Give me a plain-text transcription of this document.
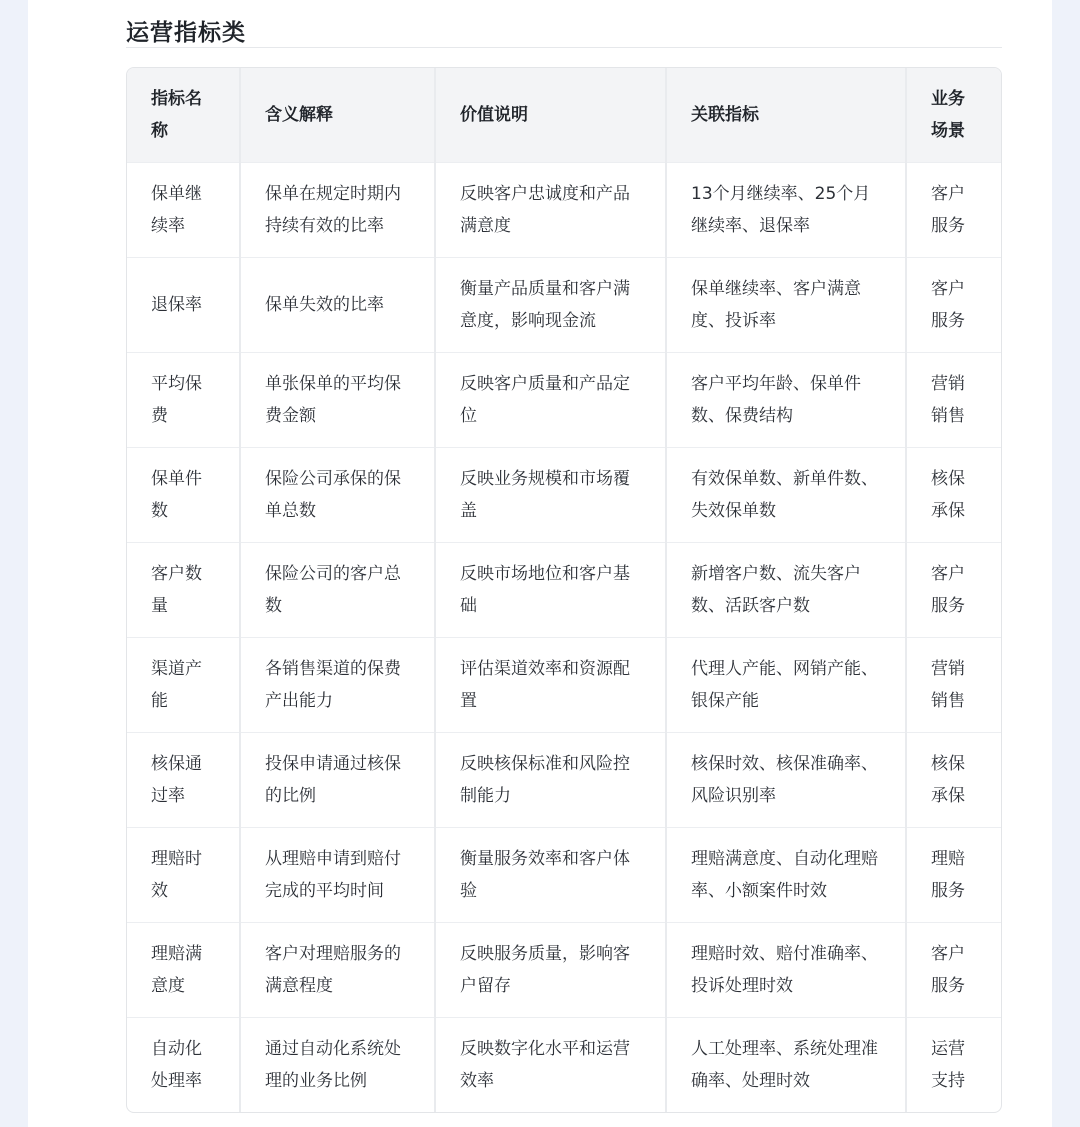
运营指标类
指标名称	含义解释	价值说明	关联指标	业务场景
保单继续率	保单在规定时期内持续有效的比率	反映客户忠诚度和产品满意度	13个月继续率、25个月继续率、退保率	客户服务
退保率	保单失效的比率	衡量产品质量和客户满意度，影响现金流	保单继续率、客户满意度、投诉率	客户服务
平均保费	单张保单的平均保费金额	反映客户质量和产品定位	客户平均年龄、保单件数、保费结构	营销销售
保单件数	保险公司承保的保单总数	反映业务规模和市场覆盖	有效保单数、新单件数、失效保单数	核保承保
客户数量	保险公司的客户总数	反映市场地位和客户基础	新增客户数、流失客户数、活跃客户数	客户服务
渠道产能	各销售渠道的保费产出能力	评估渠道效率和资源配置	代理人产能、网销产能、银保产能	营销销售
核保通过率	投保申请通过核保的比例	反映核保标准和风险控制能力	核保时效、核保准确率、风险识别率	核保承保
理赔时效	从理赔申请到赔付完成的平均时间	衡量服务效率和客户体验	理赔满意度、自动化理赔率、小额案件时效	理赔服务
理赔满意度	客户对理赔服务的满意程度	反映服务质量，影响客户留存	理赔时效、赔付准确率、投诉处理时效	客户服务
自动化处理率	通过自动化系统处理的业务比例	反映数字化水平和运营效率	人工处理率、系统处理准确率、处理时效	运营支持
